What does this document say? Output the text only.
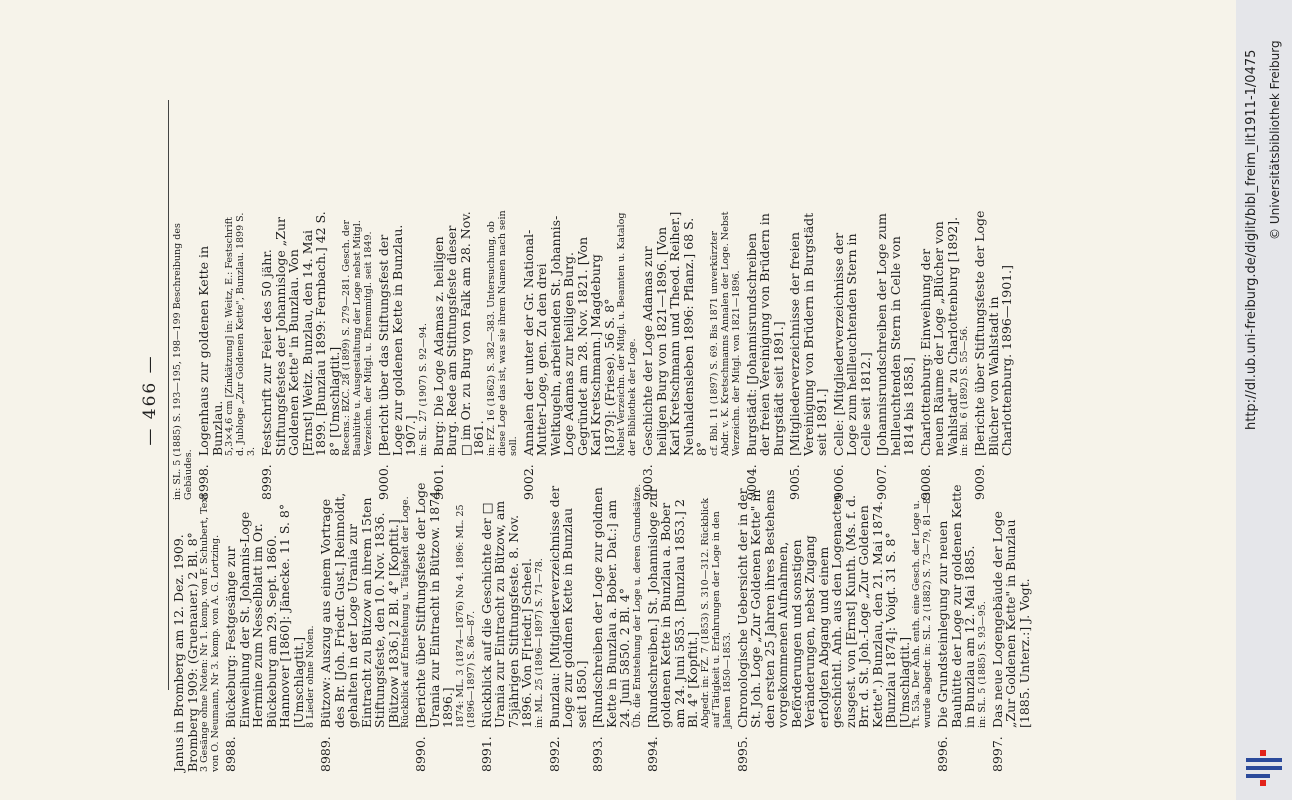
— 466 —
Janus in Bromberg am 12. Dez. 1909. Bromberg 1909: (Gruenauer.) 2 Bl. 8° 3 Gesänge ohne Noten: Nr 1. komp. von F. Schubert, Text von O. Neumann, Nr 3. komp. von A. G. Lortzing. 8988.
Bückeburg: Festgesänge zur Einweihung der St. Johannis-Loge Hermine zum Nesselblatt im Or. Bückeburg am 29. Sept. 1860. Hannover [1860]: Jänecke. 11 S. 8° [Umschlagtit.] 8 Lieder ohne Noten.
8989.
Bützow: Auszug aus einem Vortrage des Br. [Joh. Friedr. Gust.] Reinnoldt, gehalten in der Loge Urania zur Eintracht zu Bützow an ihrem 15ten Stiftungsfeste, den 10. Nov. 1836. [Bützow 1836.] 2 Bl. 4° [Kopftit.] Rückblick auf Entstehung u. Tätigkeit der Loge.
8990.
[Berichte über Stiftungsfeste der Loge Urania zur Eintracht in Bützow. 1874. 1896.] 1874: ML. 3 (1874—1876) No 4. 1896: ML. 25 (1896—1897) S. 86—87.
8991.
Rückblick auf die Geschichte der □ Urania zur Eintracht zu Bützow, am 75jährigen Stiftungsfeste. 8. Nov. 1896. Von F[riedr.] Scheel. in: ML. 25 (1896—1897) S. 71—78.
8992.
Bunzlau: [Mitgliederverzeichnisse der Loge zur goldnen Kette in Bunzlau seit 1850.]
8993.
[Rundschreiben der Loge zur goldnen Kette in Bunzlau a. Bober. Dat.:] am 24. Juni 5850. 2 Bl. 4° Üb. die Entstehung der Loge u. deren Grundsätze.
8994.
[Rundschreiben.] St. Johannisloge zur goldenen Kette in Bunzlau a. Bober am 24. Juni 5853. [Bunzlau 1853.] 2 Bl. 4° [Kopftit.] Abgedr. in: FZ. 7 (1853) S. 310—312. Rückblick auf Tätigkeit u. Erfahrungen der Loge in den Jahren 1850—1853.
8995.
Chronologische Uebersicht der in der St. Joh. Loge „Zur Goldenen Kette" in den ersten 25 Jahren ihres Bestehens vorgekommenen Aufnahmen, Beförderungen und sonstigen Veränderungen, nebst Zugang erfolgten Abgang und einem geschichtl. Anh. aus den Logenacten zusgest. von [Ernst] Kunth. (Ms. f. d. Brr. d. St. Joh.-Loge „Zur Goldenen Kette".) Bunzlau, den 21. Mai 1874. [Bunzlau 1874]: Voigt. 31 S. 8° [Umschlagtit.] Tt. 53a. Der Anh. enth. eine Gesch. der Loge u. wurde abgedr. in: SL. 2 (1882) S. 73—79, 81—83.
8996.
Die Grundsteinlegung zur neuen Bauhütte der Loge zur goldenen Kette in Bunzlau am 12. Mai 1885. in: SL. 5 (1885) S. 93—95.
8997.
Das neue Logengebäude der Loge „Zur Goldenen Kette" in Bunzlau [1885. Unterz.:] J. Vogt.
in: SL. 5 (1885) S. 193—195, 198—199 Beschreibung des Gebäudes. 8998.
Logenhaus zur goldenen Kette in Bunzlau. 5,3×4,6 cm [Zinkätzung] in: Weitz, E.: Festschrift d. Jubloge „Zur Goldenen Kette", Bunzlau. 1899 S. 3.
8999.
Festschrift zur Feier des 50 jähr. Stiftungsfestes der Johannisloge „Zur Goldenen Kette" in Bunzlau. Von [Ernst] Weitz. Bunzlau, den 14. Mai 1899. [Bunzlau 1899: Fernbach.] 42 S. 8° [Umschlagtit.] Recens.: BZC. 28 (1899) S. 279—281. Gesch. der Bauhütte u. Ausgestaltung der Loge nebst Mitgl. Verzeichn. der Mitgl. u. Ehrenmitgl. seit 1849.
9000.
[Bericht über das Stiftungsfest der Loge zur goldenen Kette in Bunzlau. 1907.] in: SL. 27 (1907) S. 92—94.
9001.
Burg: Die Loge Adamas z. heiligen Burg. Rede am Stiftungsfeste dieser □ im Or. zu Burg von Falk am 28. Nov. 1861. in: FZ. 16 (1862) S. 382—383. Untersuchung, ob diese Loge das ist, was sie ihrem Namen nach sein soll.
9002.
Annalen der unter der Gr. National-Mutter-Loge, gen. Zu den drei Weltkugeln, arbeitenden St. Johannis-Loge Adamas zur heiligen Burg. Gegründet am 28. Nov. 1821. [Von Karl Kretschmann.] Magdeburg [1879]: (Friese). 56 S. 8° Nebst Verzeichn. der Mitgl. u. Beamten u. Katalog der Bibliothek der Loge.
9003.
Geschichte der Loge Adamas zur heiligen Burg von 1821—1896. [Von Karl Kretschmann und Theod. Reiher.] Neuhaldensleben 1896: Pflanz.] 68 S. 8° cf. Bbl. 11 (1897) S. 69. Bis 1871 unverkürzter Abdr. v. K. Kretschmanns Annalen der Loge. Nebst Verzeichn. der Mitgl. von 1821—1896.
9004.
Burgstädt: [Johannisrundschreiben der freien Vereinigung von Brüdern in Burgstädt seit 1891.]
9005.
[Mitgliederverzeichnisse der freien Vereinigung von Brüdern in Burgstädt seit 1891.]
9006.
Celle: [Mitgliederverzeichnisse der Loge zum hellleuchtenden Stern in Celle seit 1812.]
9007.
[Johannisrundschreiben der Loge zum hellleuchtenden Stern in Celle von 1814 bis 1858.]
9008.
Charlottenburg: Einweihung der neuen Räume der Loge „Blücher von Wahlstadt" zu Charlottenburg [1892]. in: Bbl. 6 (1892) S. 55—56.
9009.
[Berichte über Stiftungsfeste der Loge Blücher von Wahlstadt in Charlottenburg. 1896—1901.]	http://dl.ub.uni-freiburg.de/diglit/bibl_freim_lit1911-1/0475 © Universitätsbibliothek Freiburg
